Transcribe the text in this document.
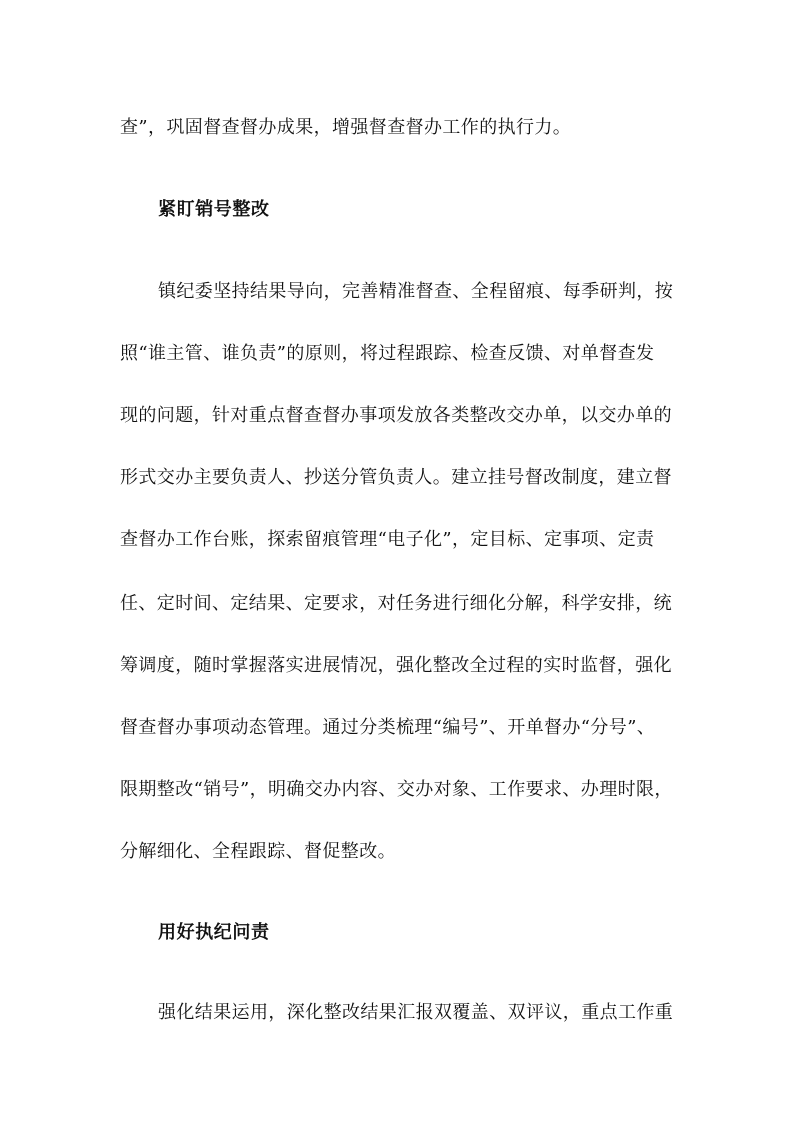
查”，巩固督查督办成果，增强督查督办工作的执行力。
紧盯销号整改
镇纪委坚持结果导向，完善精准督查、全程留痕、每季研判，按
照“谁主管、谁负责”的原则，将过程跟踪、检查反馈、对单督查发
现的问题，针对重点督查督办事项发放各类整改交办单，以交办单的
形式交办主要负责人、抄送分管负责人。建立挂号督改制度，建立督
查督办工作台账，探索留痕管理“电子化”，定目标、定事项、定责
任、定时间、定结果、定要求，对任务进行细化分解，科学安排，统
筹调度，随时掌握落实进展情况，强化整改全过程的实时监督，强化
督查督办事项动态管理。通过分类梳理“编号”、开单督办“分号”、
限期整改“销号”，明确交办内容、交办对象、工作要求、办理时限，
分解细化、全程跟踪、督促整改。
用好执纪问责
强化结果运用，深化整改结果汇报双覆盖、双评议，重点工作重
